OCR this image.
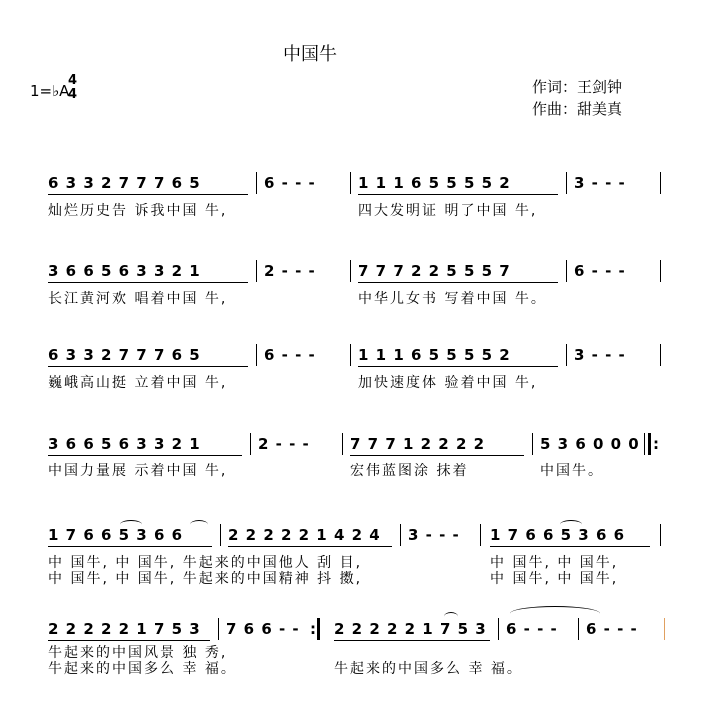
中国牛
1=♭A
4
4	作词：王剑钟
作曲：甜美真
6 3 3 2 7 7 7 6 5	6 - - -	1 1 1 6 5 5 5 5 2	3 - - -
灿烂历史告 诉我中国 牛,	四大发明证 明了中国 牛,
3 6 6 5 6 3 3 2 1	2 - - -	7 7 7 2 2 5 5 5 7	6 - - -
长江黄河欢 唱着中国 牛,	中华儿女书 写着中国 牛。
6 3 3 2 7 7 7 6 5	6 - - -	1 1 1 6 5 5 5 5 2	3 - - -
巍峨高山挺 立着中国 牛,	加快速度体 验着中国 牛,
3 6 6 5 6 3 3 2 1	2 - - -	7 7 7 1 2 2 2 2	5 3 6 0 0 0 :
中国力量展 示着中国 牛,	宏伟蓝图涂 抹着	中国牛。
1 7 6 6 5 3 6 6	2 2 2 2 2 1 4 2 4 3 - - - 1 7 6 6 5 3 6 6
中 国牛, 中 国牛, 牛起来的中国他人 刮 目,	中 国牛, 中 国牛,
中 国牛, 中 国牛, 牛起来的中国精神 抖 擞,	中 国牛, 中 国牛,
2 2 2 2 2 1 7 5 3 7 6 6 - - : 2 2 2 2 2 1 7 5 3 6 - - - 6 - - -
牛起来的中国风景 独 秀,
牛起来的中国多么 幸 福。	牛起来的中国多么 幸 福。
